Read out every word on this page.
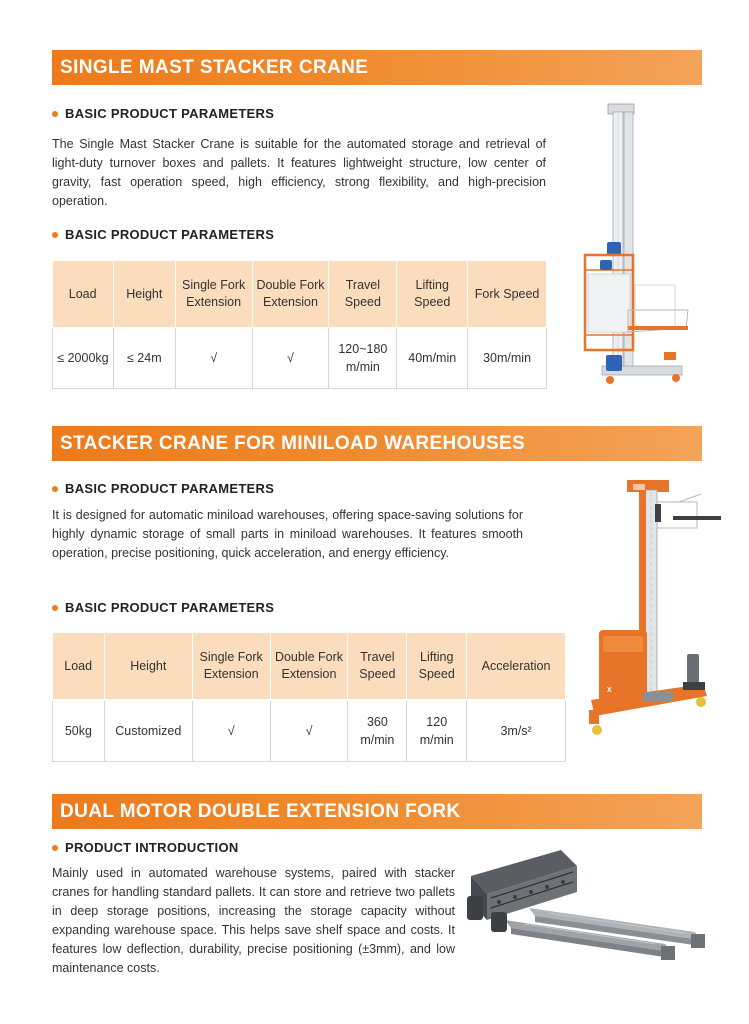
SINGLE MAST STACKER CRANE
BASIC PRODUCT PARAMETERS
The Single Mast Stacker Crane is suitable for the automated storage and retrieval of light-duty turnover boxes and pallets. It features lightweight structure, low center of gravity, fast operation speed, high efficiency, strong flexibility, and high-precision operation.
BASIC PRODUCT PARAMETERS
Load	Height	Single Fork Extension	Double Fork Extension	Travel Speed	Lifting Speed	Fork Speed
≤ 2000kg	≤ 24m	√	√	120~180 m/min	40m/min	30m/min
STACKER CRANE FOR MINILOAD WAREHOUSES
BASIC PRODUCT PARAMETERS
It is designed for automatic miniload warehouses, offering space-saving solutions for highly dynamic storage of small parts in miniload warehouses. It features smooth operation, precise positioning, quick acceleration, and energy efficiency.
BASIC PRODUCT PARAMETERS
Load	Height	Single Fork Extension	Double Fork Extension	Travel Speed	Lifting Speed	Acceleration
50kg	Customized	√	√	360 m/min	120 m/min	3m/s²
X
DUAL MOTOR DOUBLE EXTENSION FORK
PRODUCT INTRODUCTION
Mainly used in automated warehouse systems, paired with stacker cranes for handling standard pallets. It can store and retrieve two pallets in deep storage positions, increasing the storage capacity without expanding warehouse space. This helps save shelf space and costs. It features low deflection, durability, precise positioning (±3mm), and low maintenance costs.
